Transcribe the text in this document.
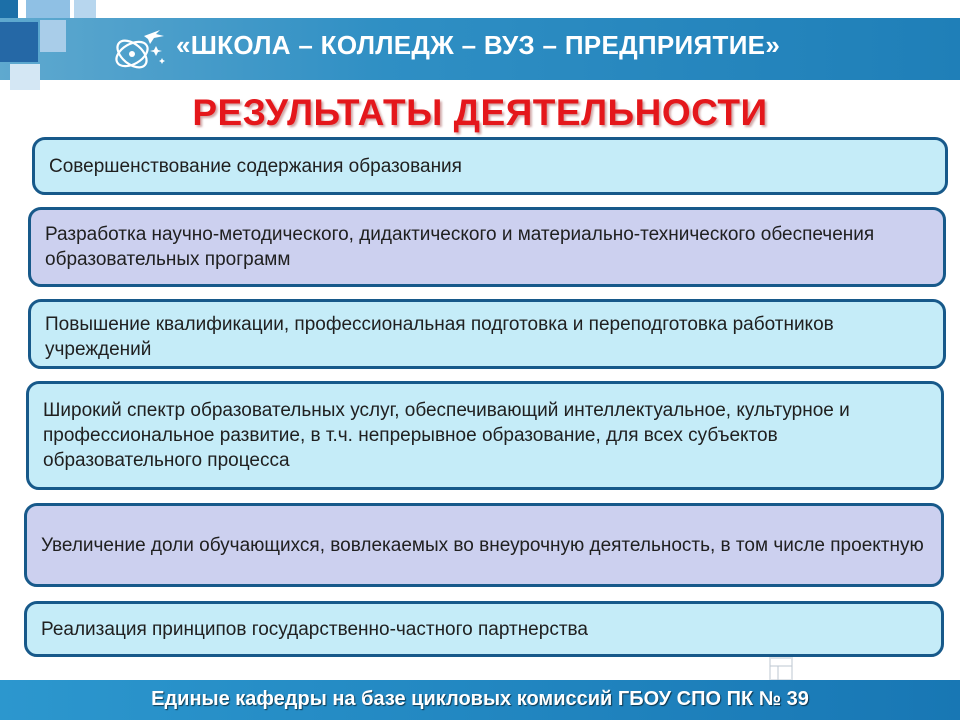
«ШКОЛА – КОЛЛЕДЖ – ВУЗ – ПРЕДПРИЯТИЕ»
РЕЗУЛЬТАТЫ ДЕЯТЕЛЬНОСТИ
Совершенствование содержания образования
Разработка научно-методического, дидактического и материально-технического обеспечения образовательных программ
Повышение квалификации, профессиональная подготовка и переподготовка работников учреждений
Широкий спектр образовательных услуг, обеспечивающий интеллектуальное, культурное и профессиональное развитие, в т.ч. непрерывное образование, для всех субъектов образовательного процесса
Увеличение доли обучающихся, вовлекаемых во внеурочную деятельность, в том числе проектную
Реализация принципов государственно-частного партнерства
Единые кафедры на базе цикловых комиссий ГБОУ СПО ПК № 39
